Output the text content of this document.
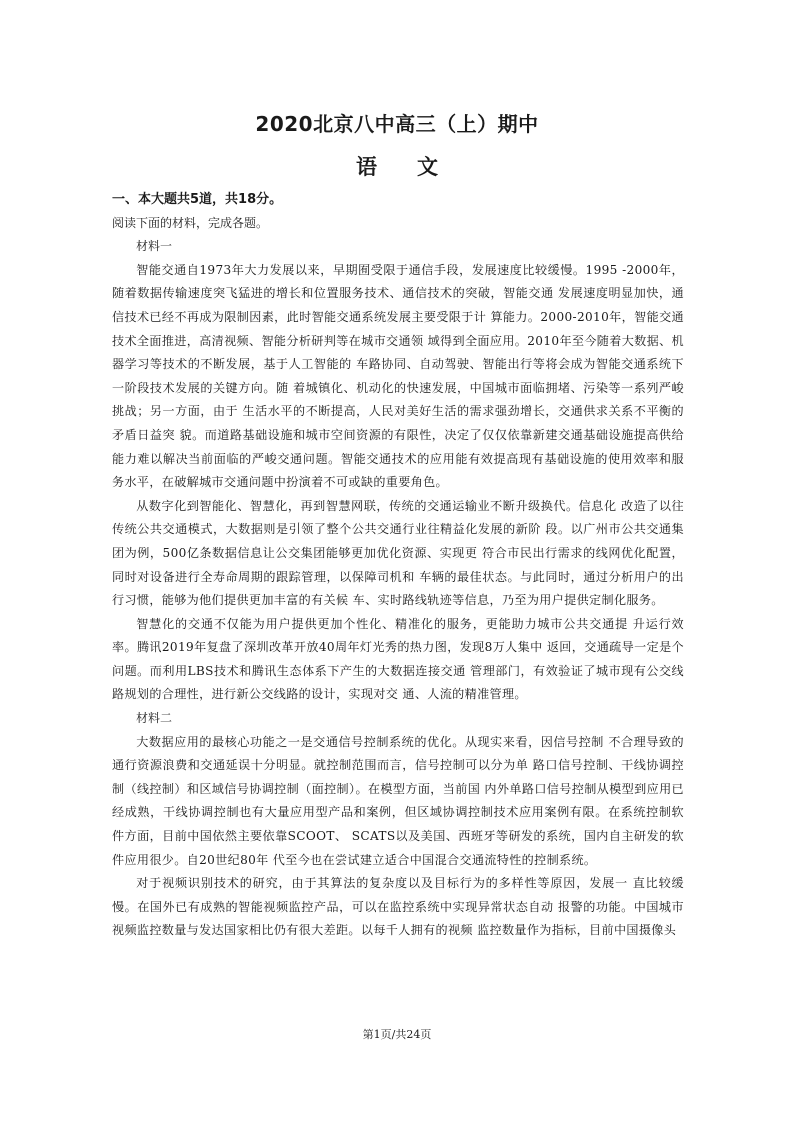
2020北京八中高三（上）期中
语文

一、本大题共5道，共18分。

阅读下面的材料，完成各题。

材料一

智能交通自1973年大力发展以来，早期囿受限于通信手段，发展速度比较缓慢。1995 -2000年，随着数据传输速度突飞猛进的增长和位置服务技术、通信技术的突破，智能交通 发展速度明显加快，通信技术已经不再成为限制因素，此时智能交通系统发展主要受限于计 算能力。2000-2010年，智能交通技术全面推进，高清视频、智能分析研判等在城市交通领 域得到全面应用。2010年至今随着大数据、机器学习等技术的不断发展，基于人工智能的 车路协同、自动驾驶、智能出行等将会成为智能交通系统下一阶段技术发展的关键方向。随 着城镇化、机动化的快速发展，中国城市面临拥堵、污染等一系列严峻挑战；另一方面，由于 生活水平的不断提高，人民对美好生活的需求强劲增长，交通供求关系不平衡的矛盾日益突 貌。而道路基础设施和城市空间资源的有限性，决定了仅仅依靠新建交通基础设施提高供给能力难以解决当前面临的严峻交通问题。智能交通技术的应用能有效提高现有基础设施的使用效率和服务水平，在破解城市交通问题中扮演着不可或缺的重要角色。

从数字化到智能化、智慧化，再到智慧网联，传统的交通运输业不断升级换代。信息化 改造了以往传统公共交通模式，大数据则是引领了整个公共交通行业往精益化发展的新阶 段。以广州市公共交通集团为例，500亿条数据信息让公交集团能够更加优化资源、实现更 符合市民出行需求的线网优化配置，同时对设备进行全寿命周期的跟踪管理，以保障司机和 车辆的最佳状态。与此同时，通过分析用户的出行习惯，能够为他们提供更加丰富的有关候 车、实时路线轨迹等信息，乃至为用户提供定制化服务。

智慧化的交通不仅能为用户提供更加个性化、精准化的服务，更能助力城市公共交通提 升运行效率。腾讯2019年复盘了深圳改革开放40周年灯光秀的热力图，发现8万人集中 返回，交通疏导一定是个问题。而利用LBS技术和腾讯生态体系下产生的大数据连接交通 管理部门，有效验证了城市现有公交线路规划的合理性，进行新公交线路的设计，实现对交 通、人流的精准管理。

材料二

大数据应用的最核心功能之一是交通信号控制系统的优化。从现实来看，因信号控制 不合理导致的通行资源浪费和交通延误十分明显。就控制范围而言，信号控制可以分为单 路口信号控制、干线协调控制（线控制）和区域信号协调控制（面控制）。在模型方面，当前国 内外单路口信号控制从模型到应用已经成熟，干线协调控制也有大量应用型产品和案例，但区域协调控制技术应用案例有限。在系统控制软件方面，目前中国依然主要依靠SCOOT、 SCATS以及美国、西班牙等研发的系统，国内自主研发的软件应用很少。自20世纪80年 代至今也在尝试建立适合中国混合交通流特性的控制系统。

对于视频识别技术的研究，由于其算法的复杂度以及目标行为的多样性等原因，发展一 直比较缓慢。在国外已有成熟的智能视频监控产品，可以在监控系统中实现异常状态自动 报警的功能。中国城市视频监控数量与发达国家相比仍有很大差距。以每千人拥有的视频 监控数量作为指标，目前中国摄像头

第1页/共24页
